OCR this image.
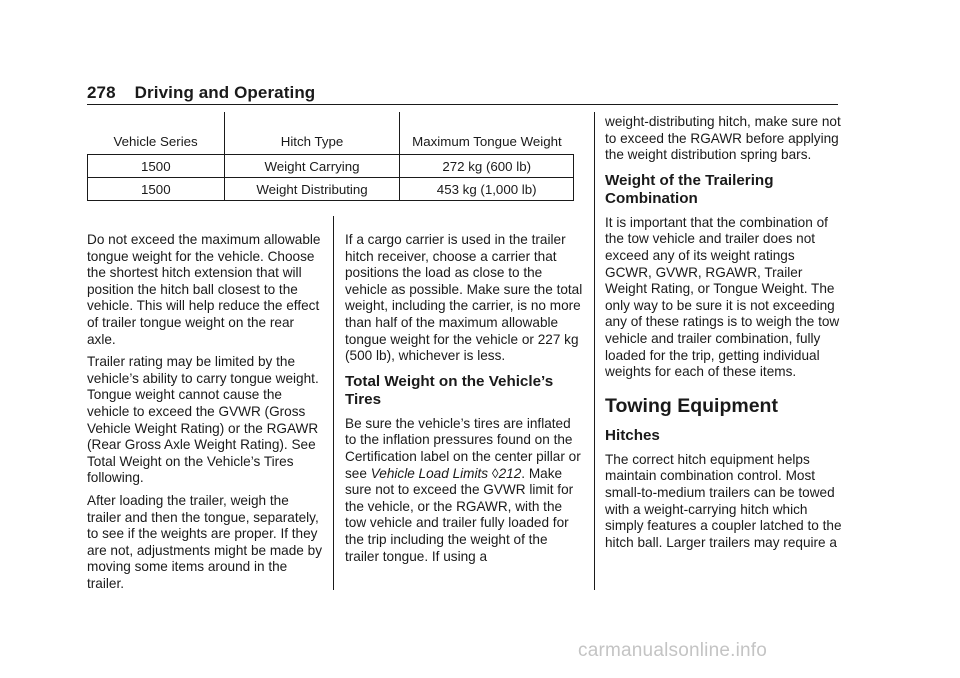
278 Driving and Operating
Vehicle Series	Hitch Type	Maximum Tongue Weight
1500	Weight Carrying	272 kg (600 lb)
1500	Weight Distributing	453 kg (1,000 lb)

Do not exceed the maximum allowable tongue weight for the vehicle. Choose the shortest hitch extension that will position the hitch ball closest to the vehicle. This will help reduce the effect of trailer tongue weight on the rear axle.

Trailer rating may be limited by the vehicle’s ability to carry tongue weight. Tongue weight cannot cause the vehicle to exceed the GVWR (Gross Vehicle Weight Rating) or the RGAWR (Rear Gross Axle Weight Rating). See Total Weight on the Vehicle’s Tires following.

After loading the trailer, weigh the trailer and then the tongue, separately, to see if the weights are proper. If they are not, adjustments might be made by moving some items around in the trailer.

If a cargo carrier is used in the trailer hitch receiver, choose a carrier that positions the load as close to the vehicle as possible. Make sure the total weight, including the carrier, is no more than half of the maximum allowable tongue weight for the vehicle or 227 kg (500 lb), whichever is less.

Total Weight on the Vehicle’s Tires

Be sure the vehicle’s tires are inflated to the inflation pressures found on the Certification label on the center pillar or see Vehicle Load Limits ◊212. Make sure not to exceed the GVWR limit for the vehicle, or the RGAWR, with the tow vehicle and trailer fully loaded for the trip including the weight of the trailer tongue. If using a

weight-distributing hitch, make sure not to exceed the RGAWR before applying the weight distribution spring bars.

Weight of the Trailering Combination

It is important that the combination of the tow vehicle and trailer does not exceed any of its weight ratings     GCWR, GVWR, RGAWR, Trailer Weight Rating, or Tongue Weight. The only way to be sure it is not exceeding any of these ratings is to weigh the tow vehicle and trailer combination, fully loaded for the trip, getting individual weights for each of these items.

Towing Equipment
Hitches

The correct hitch equipment helps maintain combination control. Most small-to-medium trailers can be towed with a weight-carrying hitch which simply features a coupler latched to the hitch ball. Larger trailers may require a

carmanualsonline.info
